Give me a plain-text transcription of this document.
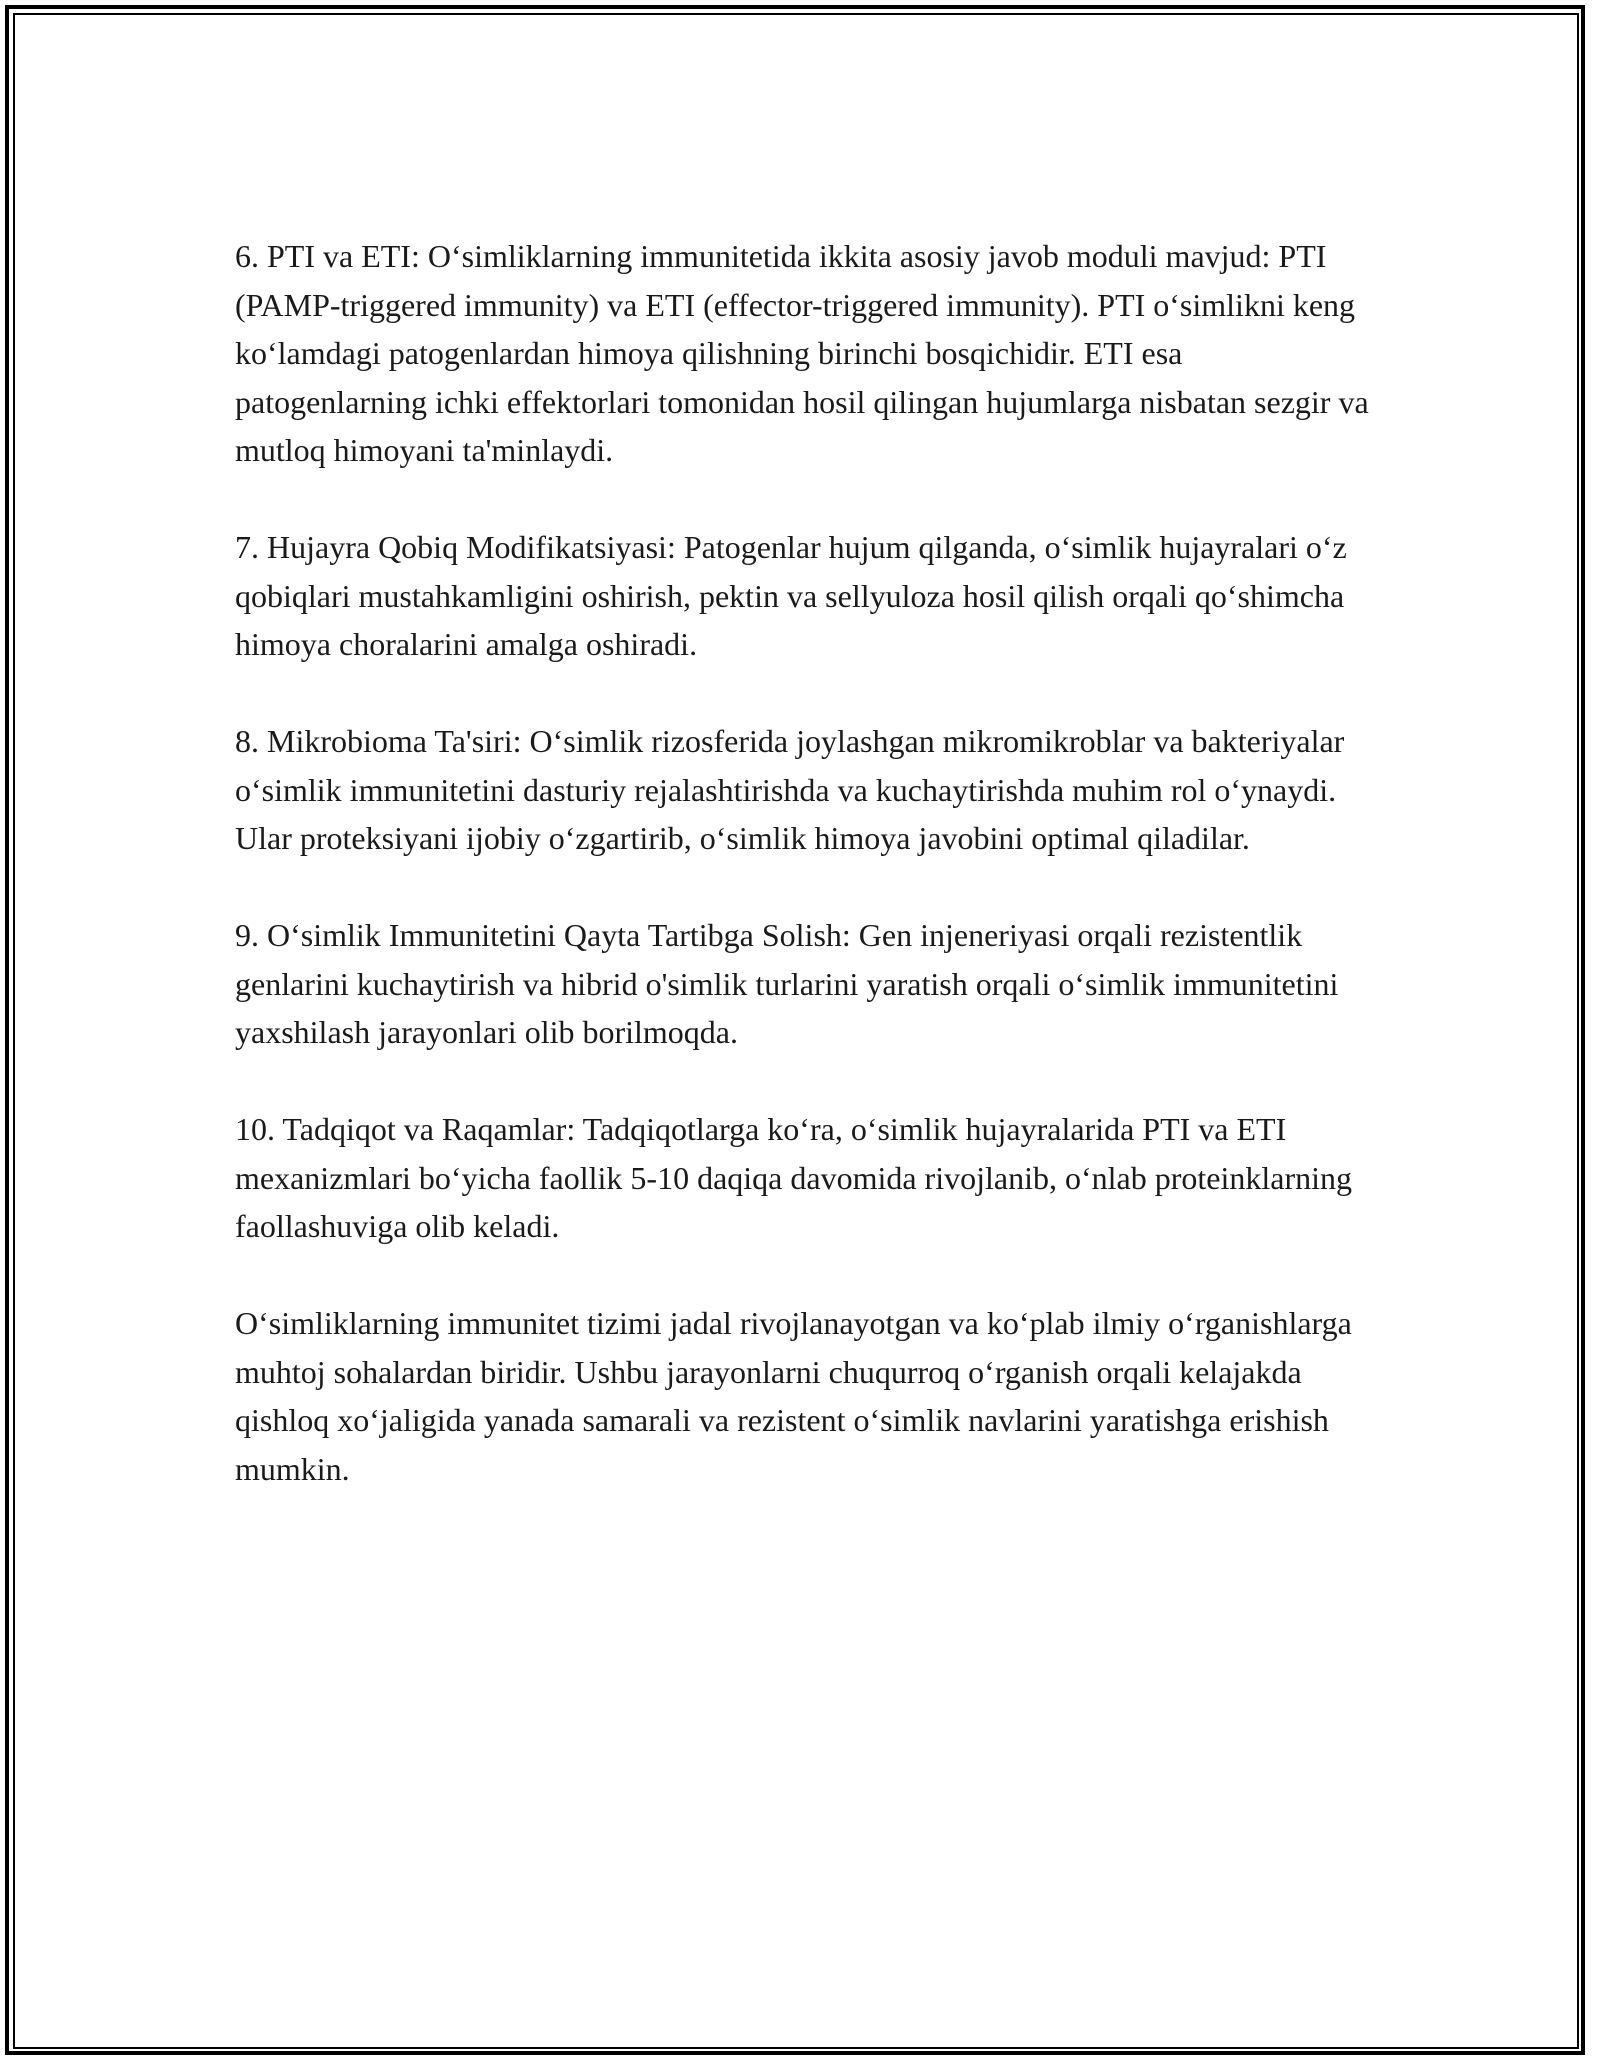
6. PTI va ETI: O‘simliklarning immunitetida ikkita asosiy javob moduli mavjud: PTI (PAMP-triggered immunity) va ETI (effector-triggered immunity). PTI o‘simlikni keng ko‘lamdagi patogenlardan himoya qilishning birinchi bosqichidir. ETI esa patogenlarning ichki effektorlari tomonidan hosil qilingan hujumlarga nisbatan sezgir va mutloq himoyani ta'minlaydi.

7. Hujayra Qobiq Modifikatsiyasi: Patogenlar hujum qilganda, o‘simlik hujayralari o‘z qobiqlari mustahkamligini oshirish, pektin va sellyuloza hosil qilish orqali qo‘shimcha himoya choralarini amalga oshiradi.

8. Mikrobioma Ta'siri: O‘simlik rizosferida joylashgan mikromikroblar va bakteriyalar o‘simlik immunitetini dasturiy rejalashtirishda va kuchaytirishda muhim rol o‘ynaydi. Ular proteksiyani ijobiy o‘zgartirib, o‘simlik himoya javobini optimal qiladilar.

9. O‘simlik Immunitetini Qayta Tartibga Solish: Gen injeneriyasi orqali rezistentlik genlarini kuchaytirish va hibrid o'simlik turlarini yaratish orqali o‘simlik immunitetini yaxshilash jarayonlari olib borilmoqda.

10. Tadqiqot va Raqamlar: Tadqiqotlarga ko‘ra, o‘simlik hujayralarida PTI va ETI mexanizmlari bo‘yicha faollik 5-10 daqiqa davomida rivojlanib, o‘nlab proteinklarning faollashuviga olib keladi.

O‘simliklarning immunitet tizimi jadal rivojlanayotgan va ko‘plab ilmiy o‘rganishlarga muhtoj sohalardan biridir. Ushbu jarayonlarni chuqurroq o‘rganish orqali kelajakda qishloq xo‘jaligida yanada samarali va rezistent o‘simlik navlarini yaratishga erishish mumkin.
